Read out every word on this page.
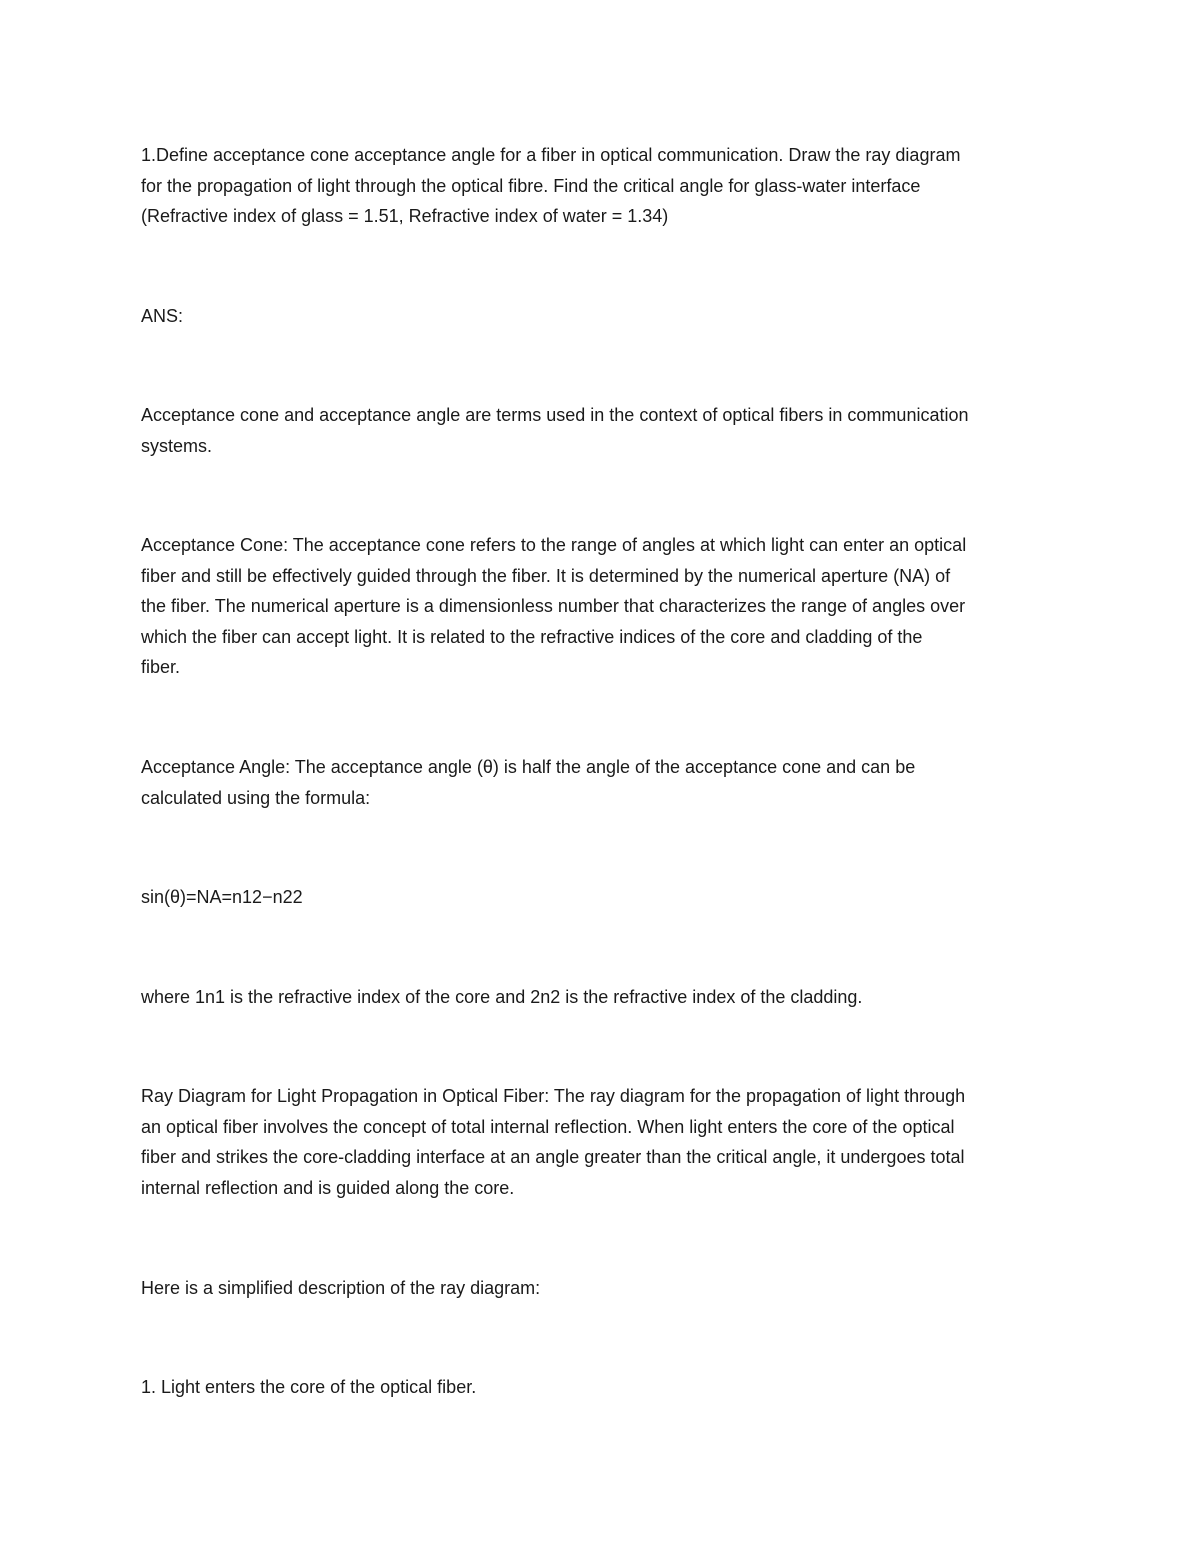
1.Define acceptance cone acceptance angle for a fiber in optical communication. Draw the ray diagram
for the propagation of light through the optical fibre. Find the critical angle for glass-water interface
(Refractive index of glass = 1.51, Refractive index of water = 1.34)

ANS:

Acceptance cone and acceptance angle are terms used in the context of optical fibers in communication
systems.

Acceptance Cone: The acceptance cone refers to the range of angles at which light can enter an optical
fiber and still be effectively guided through the fiber. It is determined by the numerical aperture (NA) of
the fiber. The numerical aperture is a dimensionless number that characterizes the range of angles over
which the fiber can accept light. It is related to the refractive indices of the core and cladding of the
fiber.

Acceptance Angle: The acceptance angle (θ) is half the angle of the acceptance cone and can be
calculated using the formula:

sin(θ)=NA=n12−n22

where 1n1 is the refractive index of the core and 2n2 is the refractive index of the cladding.

Ray Diagram for Light Propagation in Optical Fiber: The ray diagram for the propagation of light through
an optical fiber involves the concept of total internal reflection. When light enters the core of the optical
fiber and strikes the core-cladding interface at an angle greater than the critical angle, it undergoes total
internal reflection and is guided along the core.

Here is a simplified description of the ray diagram:

1. Light enters the core of the optical fiber.
